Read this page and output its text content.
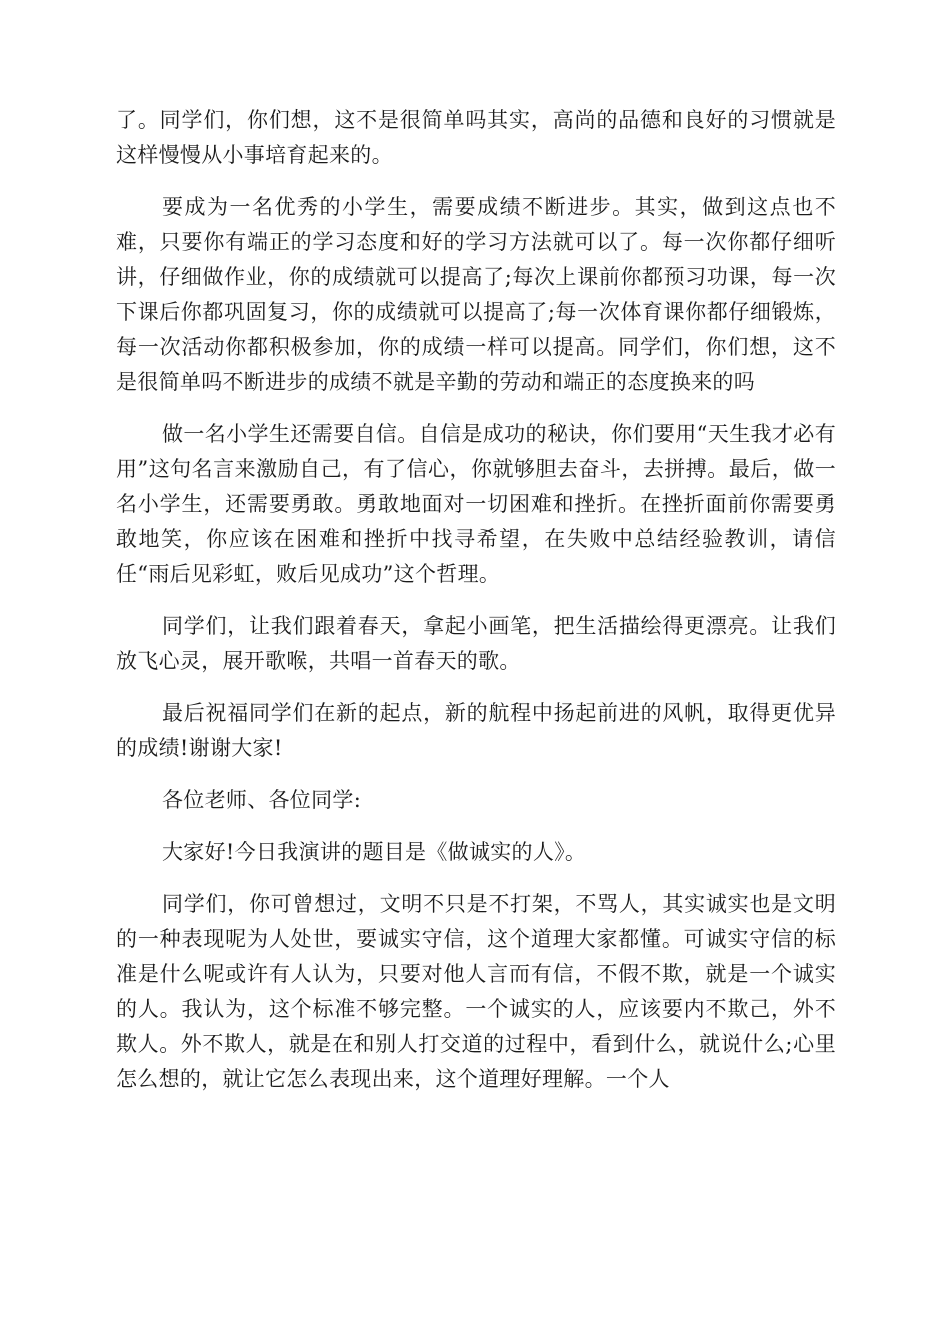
了。同学们，你们想，这不是很简单吗其实，高尚的品德和良好的习惯就是这样慢慢从小事培育起来的。

要成为一名优秀的小学生，需要成绩不断进步。其实，做到这点也不难，只要你有端正的学习态度和好的学习方法就可以了。每一次你都仔细听讲，仔细做作业，你的成绩就可以提高了;每次上课前你都预习功课，每一次下课后你都巩固复习，你的成绩就可以提高了;每一次体育课你都仔细锻炼，每一次活动你都积极参加，你的成绩一样可以提高。同学们，你们想，这不是很简单吗不断进步的成绩不就是辛勤的劳动和端正的态度换来的吗

做一名小学生还需要自信。自信是成功的秘诀，你们要用“天生我才必有用”这句名言来激励自己，有了信心，你就够胆去奋斗，去拼搏。最后，做一名小学生，还需要勇敢。勇敢地面对一切困难和挫折。在挫折面前你需要勇敢地笑，你应该在困难和挫折中找寻希望，在失败中总结经验教训，请信任“雨后见彩虹，败后见成功”这个哲理。

同学们，让我们跟着春天，拿起小画笔，把生活描绘得更漂亮。让我们放飞心灵，展开歌喉，共唱一首春天的歌。

最后祝福同学们在新的起点，新的航程中扬起前进的风帆，取得更优异的成绩!谢谢大家!

各位老师、各位同学:

大家好!今日我演讲的题目是《做诚实的人》。

同学们，你可曾想过，文明不只是不打架，不骂人，其实诚实也是文明的一种表现呢为人处世，要诚实守信，这个道理大家都懂。可诚实守信的标准是什么呢或许有人认为，只要对他人言而有信，不假不欺，就是一个诚实的人。我认为，这个标准不够完整。一个诚实的人，应该要内不欺己，外不欺人。外不欺人，就是在和别人打交道的过程中，看到什么，就说什么;心里怎么想的，就让它怎么表现出来，这个道理好理解。一个人
